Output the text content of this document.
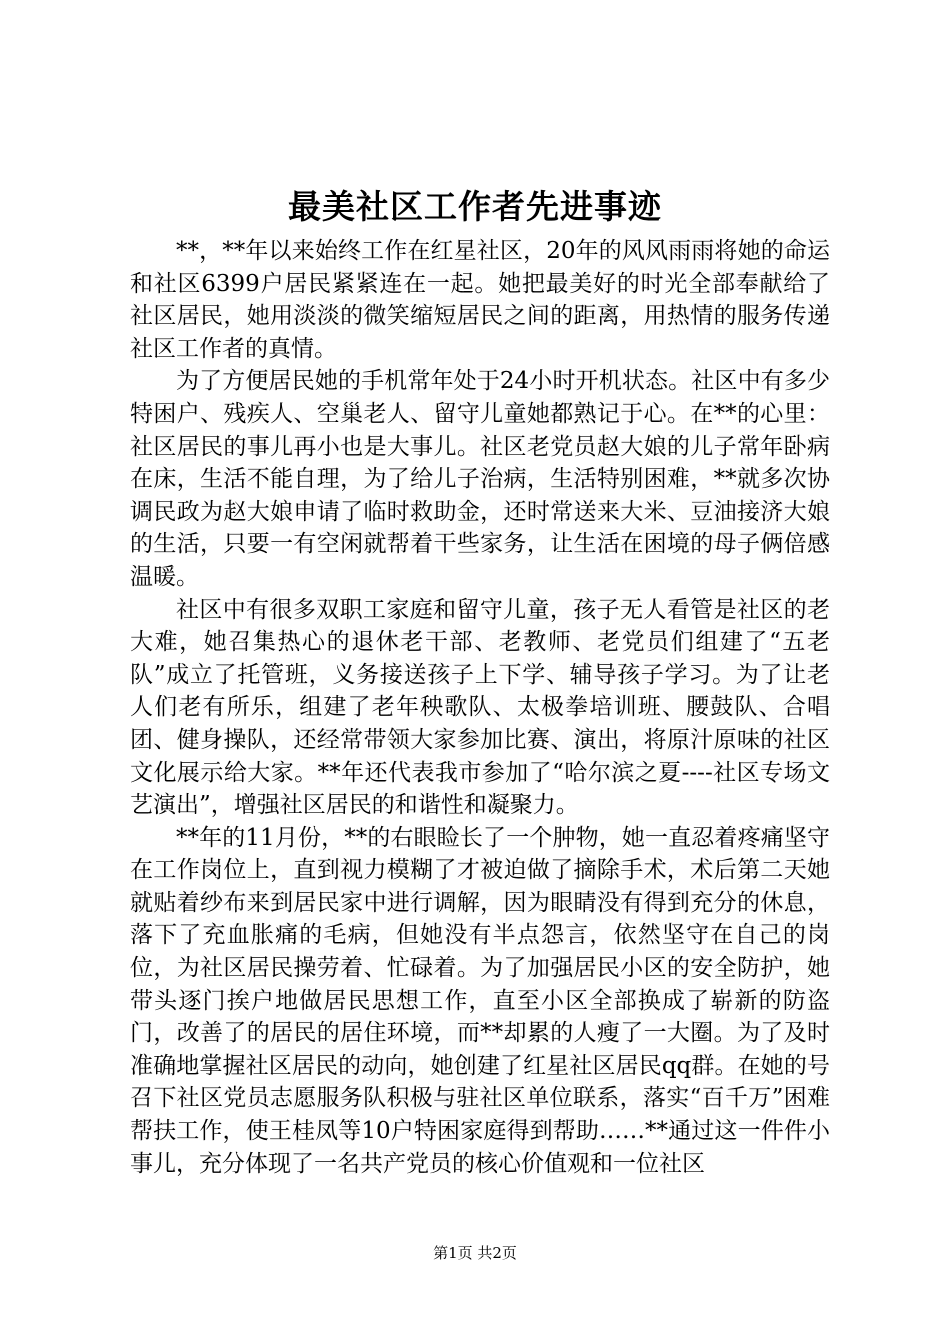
最美社区工作者先进事迹

**，**年以来始终工作在红星社区，20年的风风雨雨将她的命运和社区6399户居民紧紧连在一起。她把最美好的时光全部奉献给了社区居民，她用淡淡的微笑缩短居民之间的距离，用热情的服务传递社区工作者的真情。

为了方便居民她的手机常年处于24小时开机状态。社区中有多少特困户、残疾人、空巢老人、留守儿童她都熟记于心。在**的心里：社区居民的事儿再小也是大事儿。社区老党员赵大娘的儿子常年卧病在床，生活不能自理，为了给儿子治病，生活特别困难，**就多次协调民政为赵大娘申请了临时救助金，还时常送来大米、豆油接济大娘的生活，只要一有空闲就帮着干些家务，让生活在困境的母子俩倍感温暖。

社区中有很多双职工家庭和留守儿童，孩子无人看管是社区的老大难，她召集热心的退休老干部、老教师、老党员们组建了“五老队”成立了托管班，义务接送孩子上下学、辅导孩子学习。为了让老人们老有所乐，组建了老年秧歌队、太极拳培训班、腰鼓队、合唱团、健身操队，还经常带领大家参加比赛、演出，将原汁原味的社区文化展示给大家。**年还代表我市参加了“哈尔滨之夏----社区专场文艺演出”，增强社区居民的和谐性和凝聚力。

**年的11月份，**的右眼睑长了一个肿物，她一直忍着疼痛坚守在工作岗位上，直到视力模糊了才被迫做了摘除手术，术后第二天她就贴着纱布来到居民家中进行调解，因为眼睛没有得到充分的休息，落下了充血胀痛的毛病，但她没有半点怨言，依然坚守在自己的岗位，为社区居民操劳着、忙碌着。为了加强居民小区的安全防护，她带头逐门挨户地做居民思想工作，直至小区全部换成了崭新的防盗门，改善了的居民的居住环境，而**却累的人瘦了一大圈。为了及时准确地掌握社区居民的动向，她创建了红星社区居民qq群。在她的号召下社区党员志愿服务队积极与驻社区单位联系，落实“百千万”困难帮扶工作，使王桂凤等10户特困家庭得到帮助……**通过这一件件小事儿，充分体现了一名共产党员的核心价值观和一位社区

第1页 共2页
